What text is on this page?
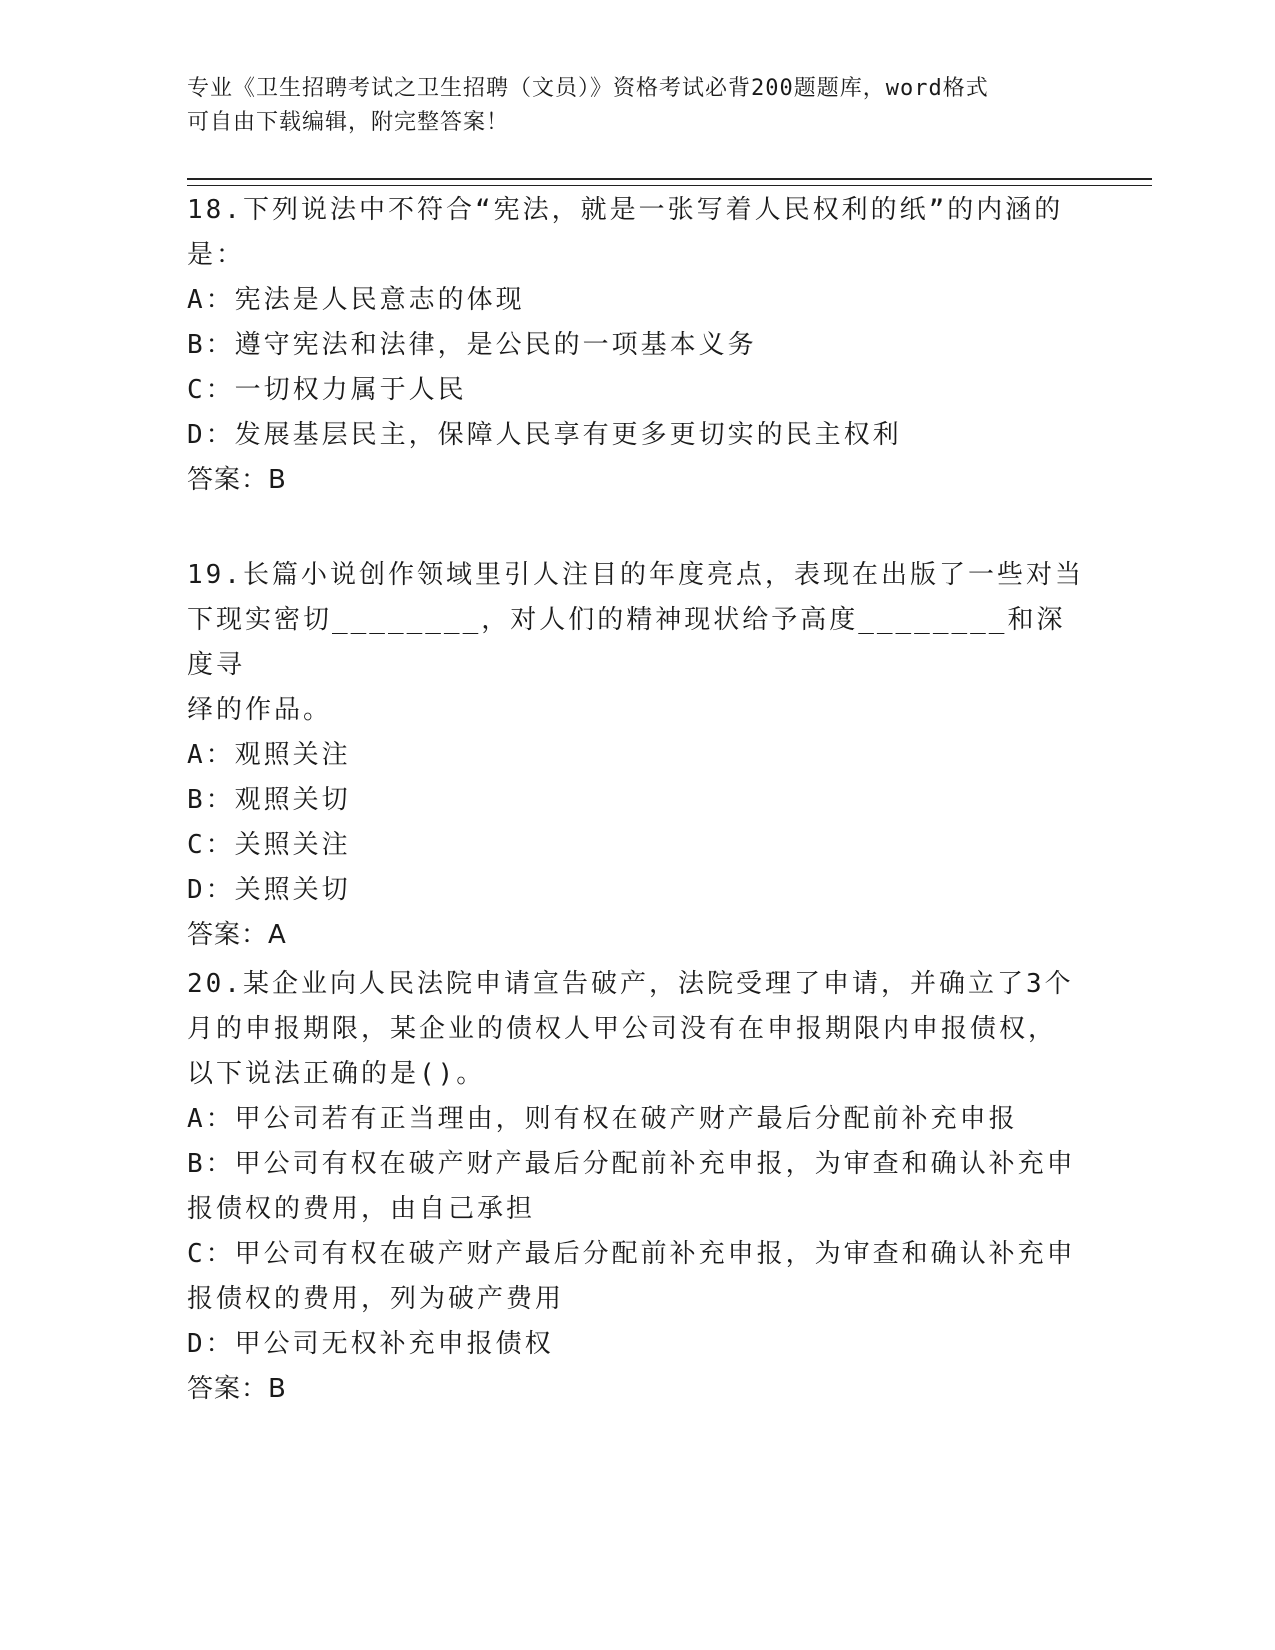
专业《卫生招聘考试之卫生招聘（文员）》资格考试必背200题题库，word格式
可自由下载编辑，附完整答案！

18.下列说法中不符合“宪法，就是一张写着人民权利的纸”的内涵的

是：

A：宪法是人民意志的体现

B：遵守宪法和法律，是公民的一项基本义务

C：一切权力属于人民

D：发展基层民主，保障人民享有更多更切实的民主权利

答案：B

19.长篇小说创作领域里引人注目的年度亮点，表现在出版了一些对当

下现实密切________，对人们的精神现状给予高度________和深度寻

绎的作品。

A：观照关注

B：观照关切

C：关照关注

D：关照关切

答案：A

20.某企业向人民法院申请宣告破产，法院受理了申请，并确立了3个

月的申报期限，某企业的债权人甲公司没有在申报期限内申报债权，

以下说法正确的是()。

A：甲公司若有正当理由，则有权在破产财产最后分配前补充申报

B：甲公司有权在破产财产最后分配前补充申报，为审查和确认补充申

报债权的费用，由自己承担

C：甲公司有权在破产财产最后分配前补充申报，为审查和确认补充申

报债权的费用，列为破产费用

D：甲公司无权补充申报债权

答案：B
